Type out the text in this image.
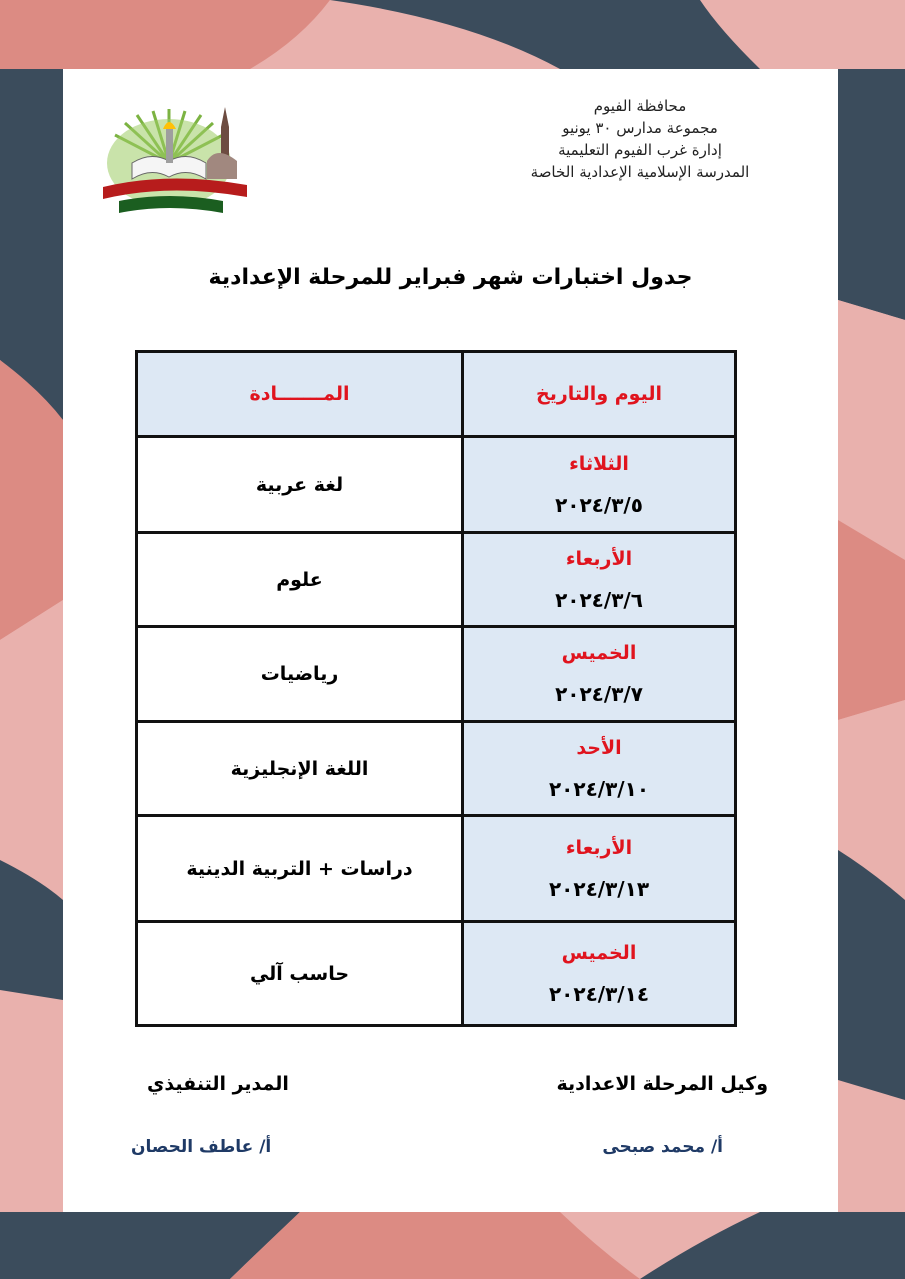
محافظة الفيوم
مجموعة مدارس ٣٠ يونيو
إدارة غرب الفيوم التعليمية
المدرسة الإسلامية الإعدادية الخاصة
جدول اختبارات شهر فبراير للمرحلة الإعدادية
اليوم والتاريخ	المـــــــادة

الثلاثاء
٢٠٢٤/٣/٥	لغة عربية

الأربعاء
٢٠٢٤/٣/٦	علوم

الخميس
٢٠٢٤/٣/٧	رياضيات

الأحد
٢٠٢٤/٣/١٠	اللغة الإنجليزية

الأربعاء
٢٠٢٤/٣/١٣	دراسات + التربية الدينية

الخميس
٢٠٢٤/٣/١٤	حاسب آلي
وكيل المرحلة الاعدادية
المدير التنفيذي
أ/ محمد صبحى
أ/ عاطف الحصان
